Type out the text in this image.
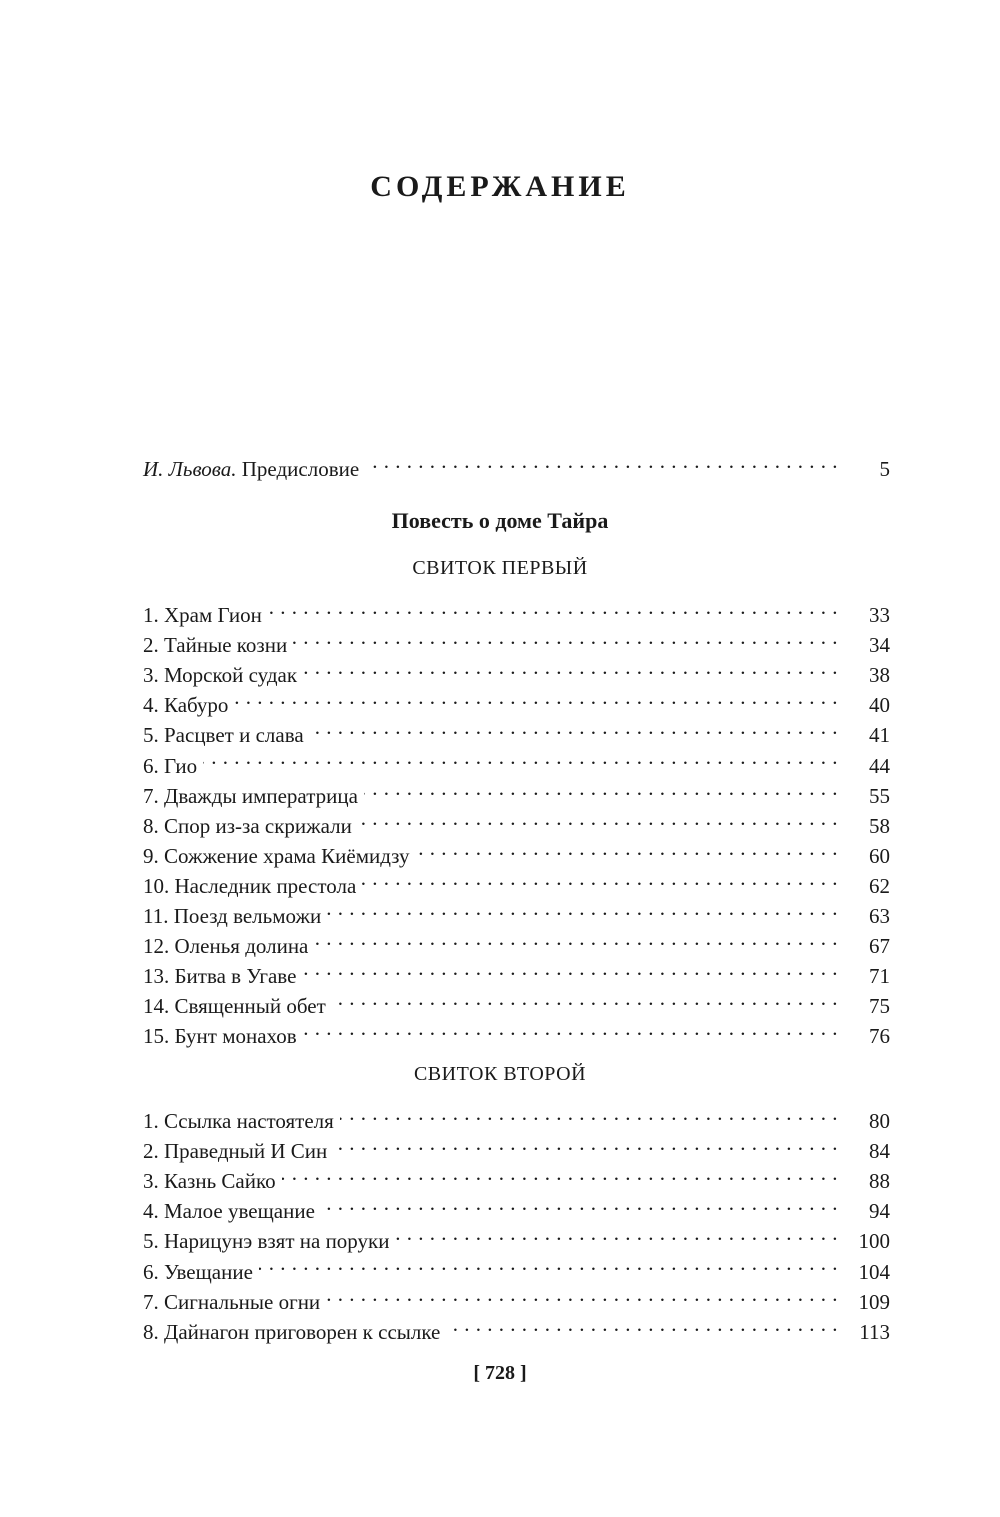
СОДЕРЖАНИЕ
И. Львова. Предисловие . . .	5
Повесть о доме Тайра
СВИТОК ПЕРВЫЙ
1. Храм Гион . . .	33
2. Тайные козни . . .	34
3. Морской судак . . .	38
4. Кабуро . . .	40
5. Расцвет и слава . . .	41
6. Гио . . .	44
7. Дважды императрица . . .	55
8. Спор из-за скрижали . . .	58
9. Сожжение храма Киёмидзу . . .	60
10. Наследник престола . . .	62
11. Поезд вельможи . . .	63
12. Оленья долина . . .	67
13. Битва в Угаве . . .	71
14. Священный обет . . .	75
15. Бунт монахов . . .	76
СВИТОК ВТОРОЙ
1. Ссылка настоятеля . . .	80
2. Праведный И Син . . .	84
3. Казнь Сайко . . .	88
4. Малое увещание . . .	94
5. Нарицунэ взят на поруки . . .	100
6. Увещание . . .	104
7. Сигнальные огни . . .	109
8. Дайнагон приговорен к ссылке . . .	113
[ 728 ]
